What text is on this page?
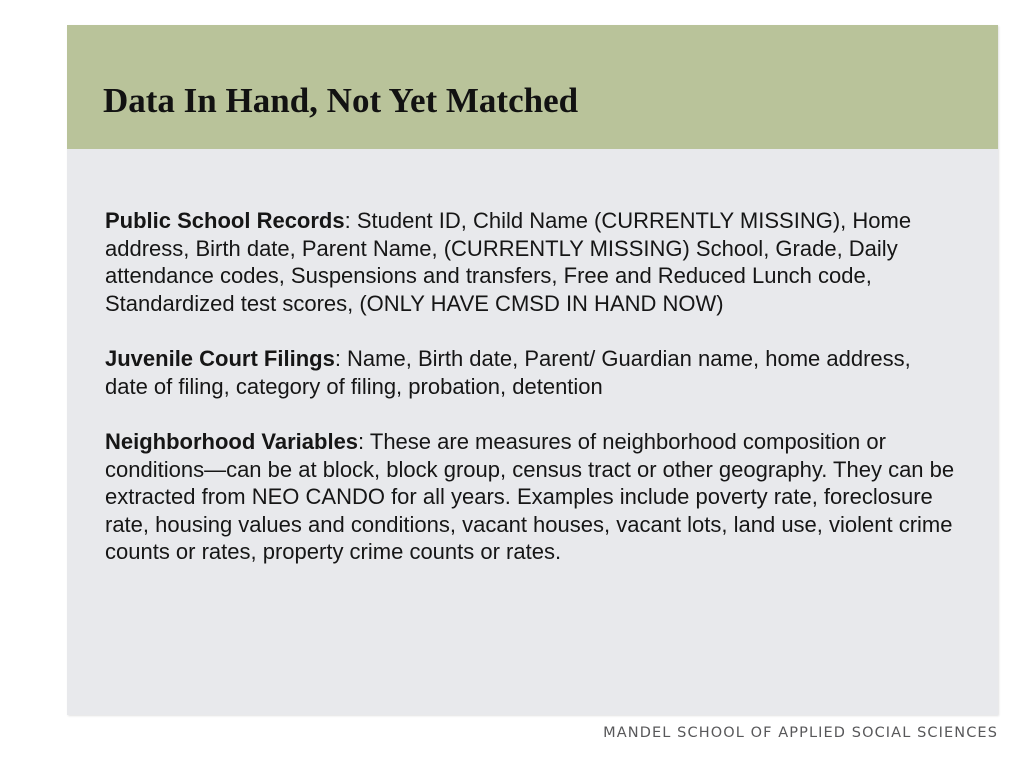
Data In Hand, Not Yet Matched

Public School Records: Student ID, Child Name (CURRENTLY MISSING), Home address, Birth date, Parent Name, (CURRENTLY MISSING) School, Grade, Daily attendance codes, Suspensions and transfers, Free and Reduced Lunch code, Standardized test scores, (ONLY HAVE CMSD IN HAND NOW)

Juvenile Court Filings: Name, Birth date, Parent/ Guardian name, home address, date of filing, category of filing, probation, detention

Neighborhood Variables: These are measures of neighborhood composition or conditions—can be at block, block group, census tract or other geography. They can be extracted from NEO CANDO for all years. Examples include poverty rate, foreclosure rate, housing values and conditions, vacant houses, vacant lots, land use, violent crime counts or rates, property crime counts or rates.

MANDEL SCHOOL OF APPLIED SOCIAL SCIENCES
